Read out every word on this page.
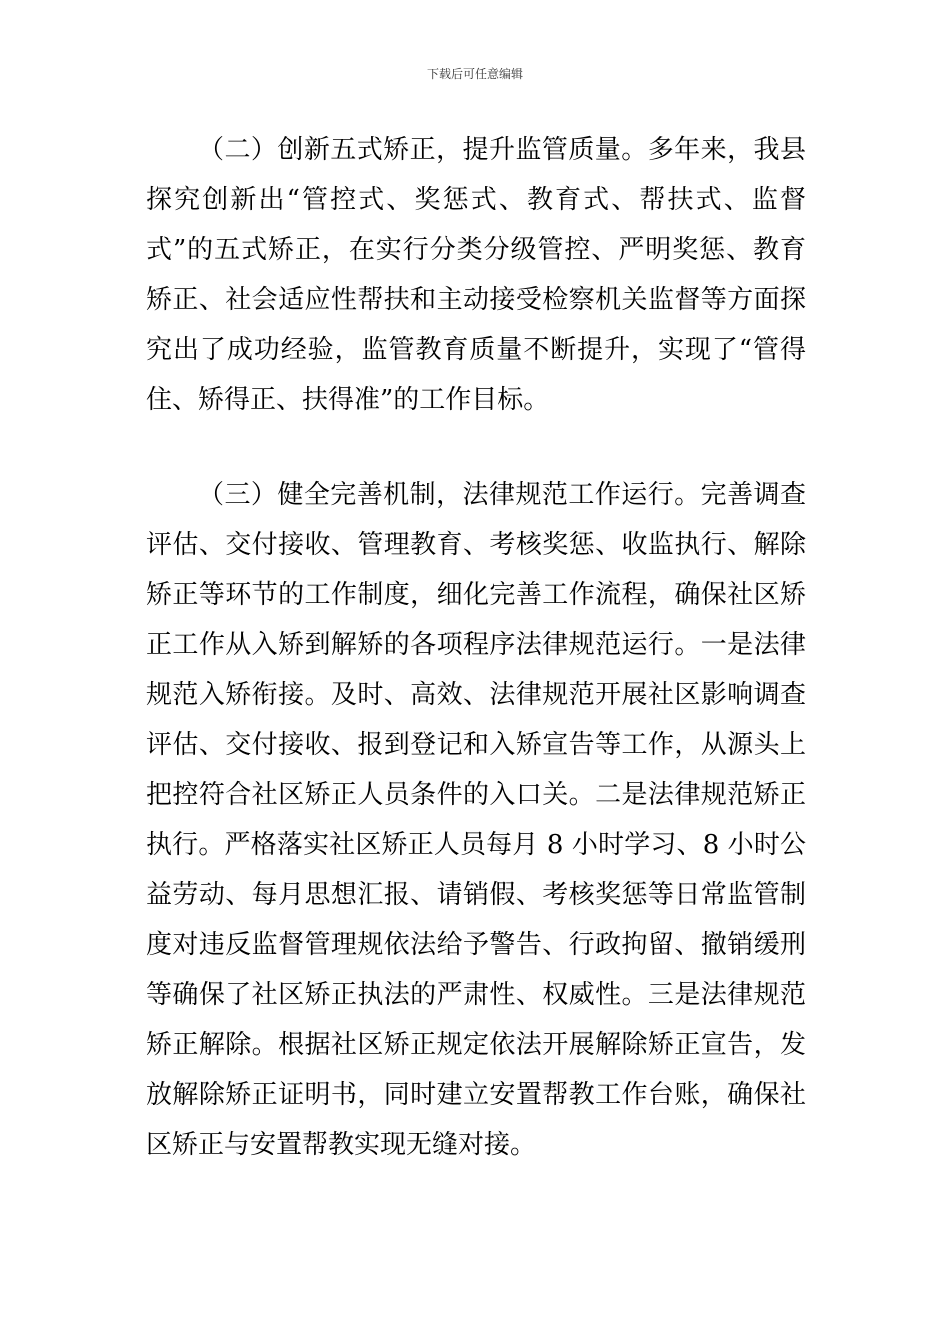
下载后可任意编辑

（二）创新五式矫正，提升监管质量。多年来，我县探究创新出“管控式、奖惩式、教育式、帮扶式、监督式”的五式矫正，在实行分类分级管控、严明奖惩、教育矫正、社会适应性帮扶和主动接受检察机关监督等方面探究出了成功经验，监管教育质量不断提升，实现了“管得住、矫得正、扶得准”的工作目标。

（三）健全完善机制，法律规范工作运行。完善调查评估、交付接收、管理教育、考核奖惩、收监执行、解除矫正等环节的工作制度，细化完善工作流程，确保社区矫正工作从入矫到解矫的各项程序法律规范运行。一是法律规范入矫衔接。及时、高效、法律规范开展社区影响调查评估、交付接收、报到登记和入矫宣告等工作，从源头上把控符合社区矫正人员条件的入口关。二是法律规范矫正执行。严格落实社区矫正人员每月 8 小时学习、8 小时公益劳动、每月思想汇报、请销假、考核奖惩等日常监管制度对违反监督管理规依法给予警告、行政拘留、撤销缓刑等确保了社区矫正执法的严肃性、权威性。三是法律规范矫正解除。根据社区矫正规定依法开展解除矫正宣告，发放解除矫正证明书，同时建立安置帮教工作台账，确保社区矫正与安置帮教实现无缝对接。
